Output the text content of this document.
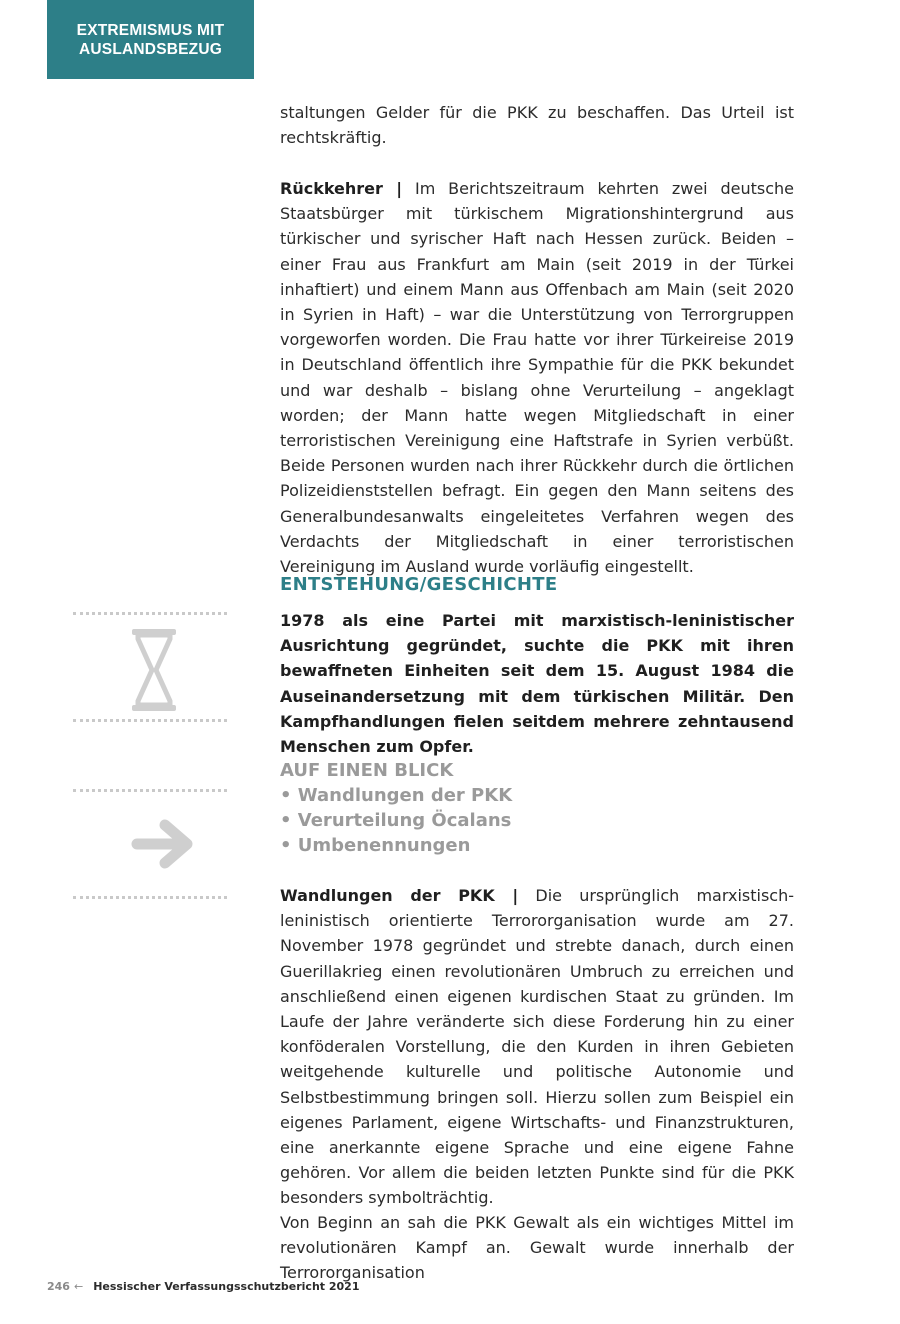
EXTREMISMUS MIT
AUSLANDSBEZUG

staltungen Gelder für die PKK zu beschaffen. Das Urteil ist rechtskräftig.

Rückkehrer | Im Berichtszeitraum kehrten zwei deutsche Staatsbürger mit türkischem Migrationshintergrund aus türkischer und syrischer Haft nach Hessen zurück. Beiden – einer Frau aus Frankfurt am Main (seit 2019 in der Türkei inhaftiert) und einem Mann aus Offenbach am Main (seit 2020 in Syrien in Haft) – war die Unterstützung von Terrorgruppen vorgeworfen worden. Die Frau hatte vor ihrer Türkeireise 2019 in Deutschland öffentlich ihre Sympathie für die PKK bekundet und war deshalb – bislang ohne Verurteilung – angeklagt worden; der Mann hatte wegen Mitgliedschaft in einer terroristischen Vereinigung eine Haftstrafe in Syrien verbüßt. Beide Personen wurden nach ihrer Rückkehr durch die örtlichen Polizeidienststellen befragt. Ein gegen den Mann seitens des Generalbundesanwalts eingeleitetes Verfahren wegen des Verdachts der Mitgliedschaft in einer terroristischen Vereinigung im Ausland wurde vorläufig eingestellt.

ENTSTEHUNG/GESCHICHTE

1978 als eine Partei mit marxistisch-leninistischer Ausrichtung gegründet, suchte die PKK mit ihren bewaffneten Einheiten seit dem 15. August 1984 die Auseinandersetzung mit dem türkischen Militär. Den Kampfhandlungen fielen seitdem mehrere zehntausend Menschen zum Opfer.

AUF EINEN BLICK
• Wandlungen der PKK
• Verurteilung Öcalans
• Umbenennungen

Wandlungen der PKK | Die ursprünglich marxistisch-leninistisch orientierte Terrororganisation wurde am 27. November 1978 gegründet und strebte danach, durch einen Guerillakrieg einen revolutionären Umbruch zu erreichen und anschließend einen eigenen kurdischen Staat zu gründen. Im Laufe der Jahre veränderte sich diese Forderung hin zu einer konföderalen Vorstellung, die den Kurden in ihren Gebieten weitgehende kulturelle und politische Autonomie und Selbstbestimmung bringen soll. Hierzu sollen zum Beispiel ein eigenes Parlament, eigene Wirtschafts- und Finanzstrukturen, eine anerkannte eigene Sprache und eine eigene Fahne gehören. Vor allem die beiden letzten Punkte sind für die PKK besonders symbolträchtig.

Von Beginn an sah die PKK Gewalt als ein wichtiges Mittel im revolutionären Kampf an. Gewalt wurde innerhalb der Terrororganisation

246 ← Hessischer Verfassungsschutzbericht 2021
